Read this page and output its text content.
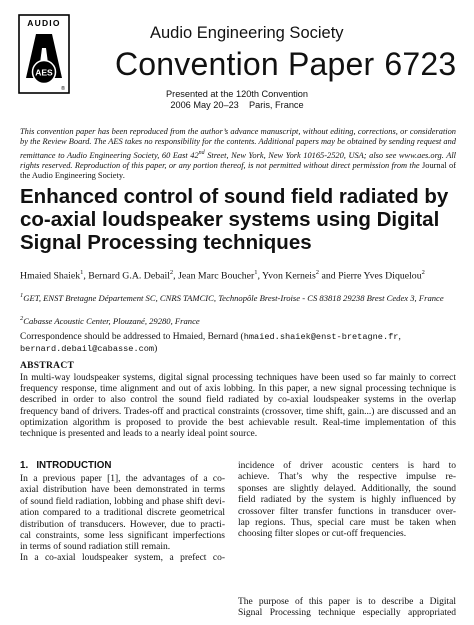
AUDIO
AES
®
Audio Engineering Society
Convention Paper 6723
Presented at the 120th Convention
2006 May 20–23    Paris, France
This convention paper has been reproduced from the author’s advance manuscript, without editing, corrections, or consideration by the Review Board. The AES takes no responsibility for the contents. Additional papers may be obtained by sending request and remittance to Audio Engineering Society, 60 East 42nd Street, New York, New York 10165-2520, USA; also see www.aes.org. All rights reserved. Reproduction of this paper, or any portion thereof, is not permitted without direct permission from the Journal of the Audio Engineering Society.
Enhanced control of sound field radiated by
co-axial loudspeaker systems using Digital
Signal Processing techniques
Hmaied Shaiek$^1$, Bernard G.A. Debail$^2$, Jean Marc Boucher$^1$, Yvon Kerneis$^2$ and Pierre Yves Diquelou$^2$
$^1$GET, ENST Bretagne Département SC, CNRS TAMCIC, Technopôle Brest-Iroise - CS 83818 29238 Brest Cedex 3, France
$^2$Cabasse Acoustic Center, Plouzané, 29280, France
Correspondence should be addressed to Hmaied, Bernard (hmaied.shaiek@enst-bretagne.fr,
bernard.debail@cabasse.com)
ABSTRACT
In multi-way loudspeaker systems, digital signal processing techniques have been used so far mainly to correct frequency response, time alignment and out of axis lobbing. In this paper, a new signal processing technique is described in order to also control the sound field radiated by co-axial loudspeaker systems in the overlap frequency band of drivers. Trades-off and practical constraints (crossover, time shift, gain...) are discussed and an optimization algorithm is proposed to provide the best achievable result. Real-time implementation of this technique is presented and leads to a nearly ideal point source.
1.   INTRODUCTION
In a previous paper [1], the advantages of a co-
axial distribution have been demonstrated in terms
of sound field radiation, lobbing and phase shift devi-
ation compared to a traditional discrete geometrical
distribution of transducers. However, due to practi-
cal constraints, some less significant imperfections
in terms of sound radiation still remain.
In a co-axial loudspeaker system, a prefect co-
incidence of driver acoustic centers is hard to
achieve. That’s why the respective impulse re-
sponses are slightly delayed. Additionally, the sound
field radiated by the system is highly influenced by
crossover filter transfer functions in transducer over-
lap regions. Thus, special care must be taken when
choosing filter slopes or cut-off frequencies.
The purpose of this paper is to describe a Digital
Signal Processing technique especially appropriated
